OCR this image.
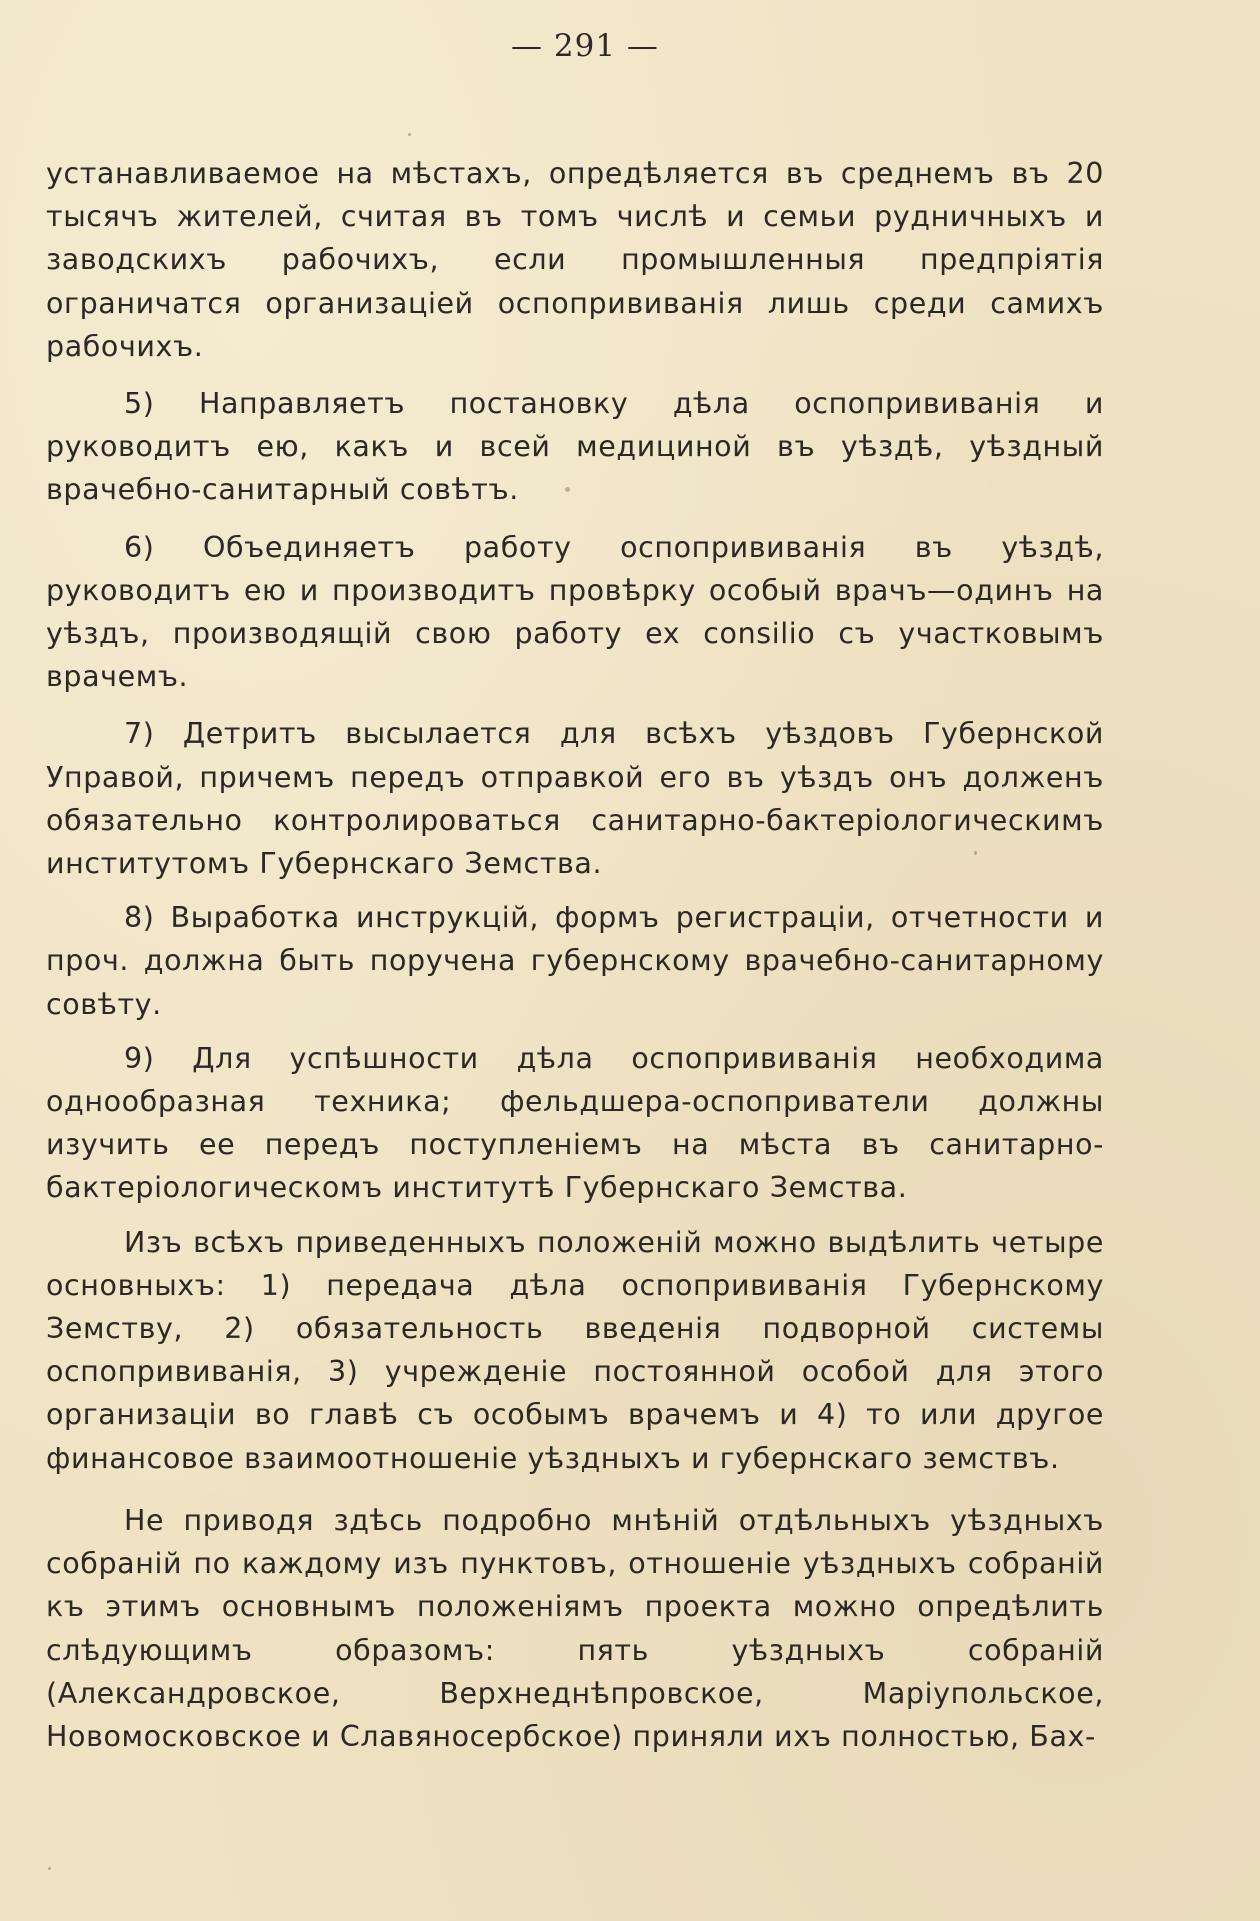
— 291 —

устанавливаемое на мѣстахъ, опредѣляется въ среднемъ въ 20 тысячъ жителей, считая въ томъ числѣ и семьи рудничныхъ и заводскихъ рабочихъ, если промышленныя предпріятія ограничатся организаціей оспопрививанія лишь среди самихъ рабочихъ.

5) Направляетъ постановку дѣла оспопрививанія и руководитъ ею, какъ и всей медициной въ уѣздѣ, уѣздный врачебно-санитарный совѣтъ.

6) Объединяетъ работу оспопрививанія въ уѣздѣ, руководитъ ею и производитъ провѣрку особый врачъ—одинъ на уѣздъ, производящій свою работу ex consilio съ участковымъ врачемъ.

7) Детритъ высылается для всѣхъ уѣздовъ Губернской Управой, причемъ передъ отправкой его въ уѣздъ онъ долженъ обязательно контролироваться санитарно-бактеріологическимъ институтомъ Губернскаго Земства.

8) Выработка инструкцій, формъ регистраціи, отчетности и проч. должна быть поручена губернскому врачебно-санитарному совѣту.

9) Для успѣшности дѣла оспопрививанія необходима однообразная техника; фельдшера-оспоприватели должны изучить ее передъ поступленіемъ на мѣста въ санитарно-бактеріологическомъ институтѣ Губернскаго Земства.

Изъ всѣхъ приведенныхъ положеній можно выдѣлить четыре основныхъ: 1) передача дѣла оспопрививанія Губернскому Земству, 2) обязательность введенія подворной системы оспопрививанія, 3) учрежденіе постоянной особой для этого организаціи во главѣ съ особымъ врачемъ и 4) то или другое финансовое взаимоотношеніе уѣздныхъ и губернскаго земствъ.

Не приводя здѣсь подробно мнѣній отдѣльныхъ уѣздныхъ собраній по каждому изъ пунктовъ, отношеніе уѣздныхъ собраній къ этимъ основнымъ положеніямъ проекта можно опредѣлить слѣдующимъ образомъ: пять уѣздныхъ собраній (Александровское, Верхнеднѣпровское, Маріупольское, Новомосковское и Славяносербское) приняли ихъ полностью, Бах-
